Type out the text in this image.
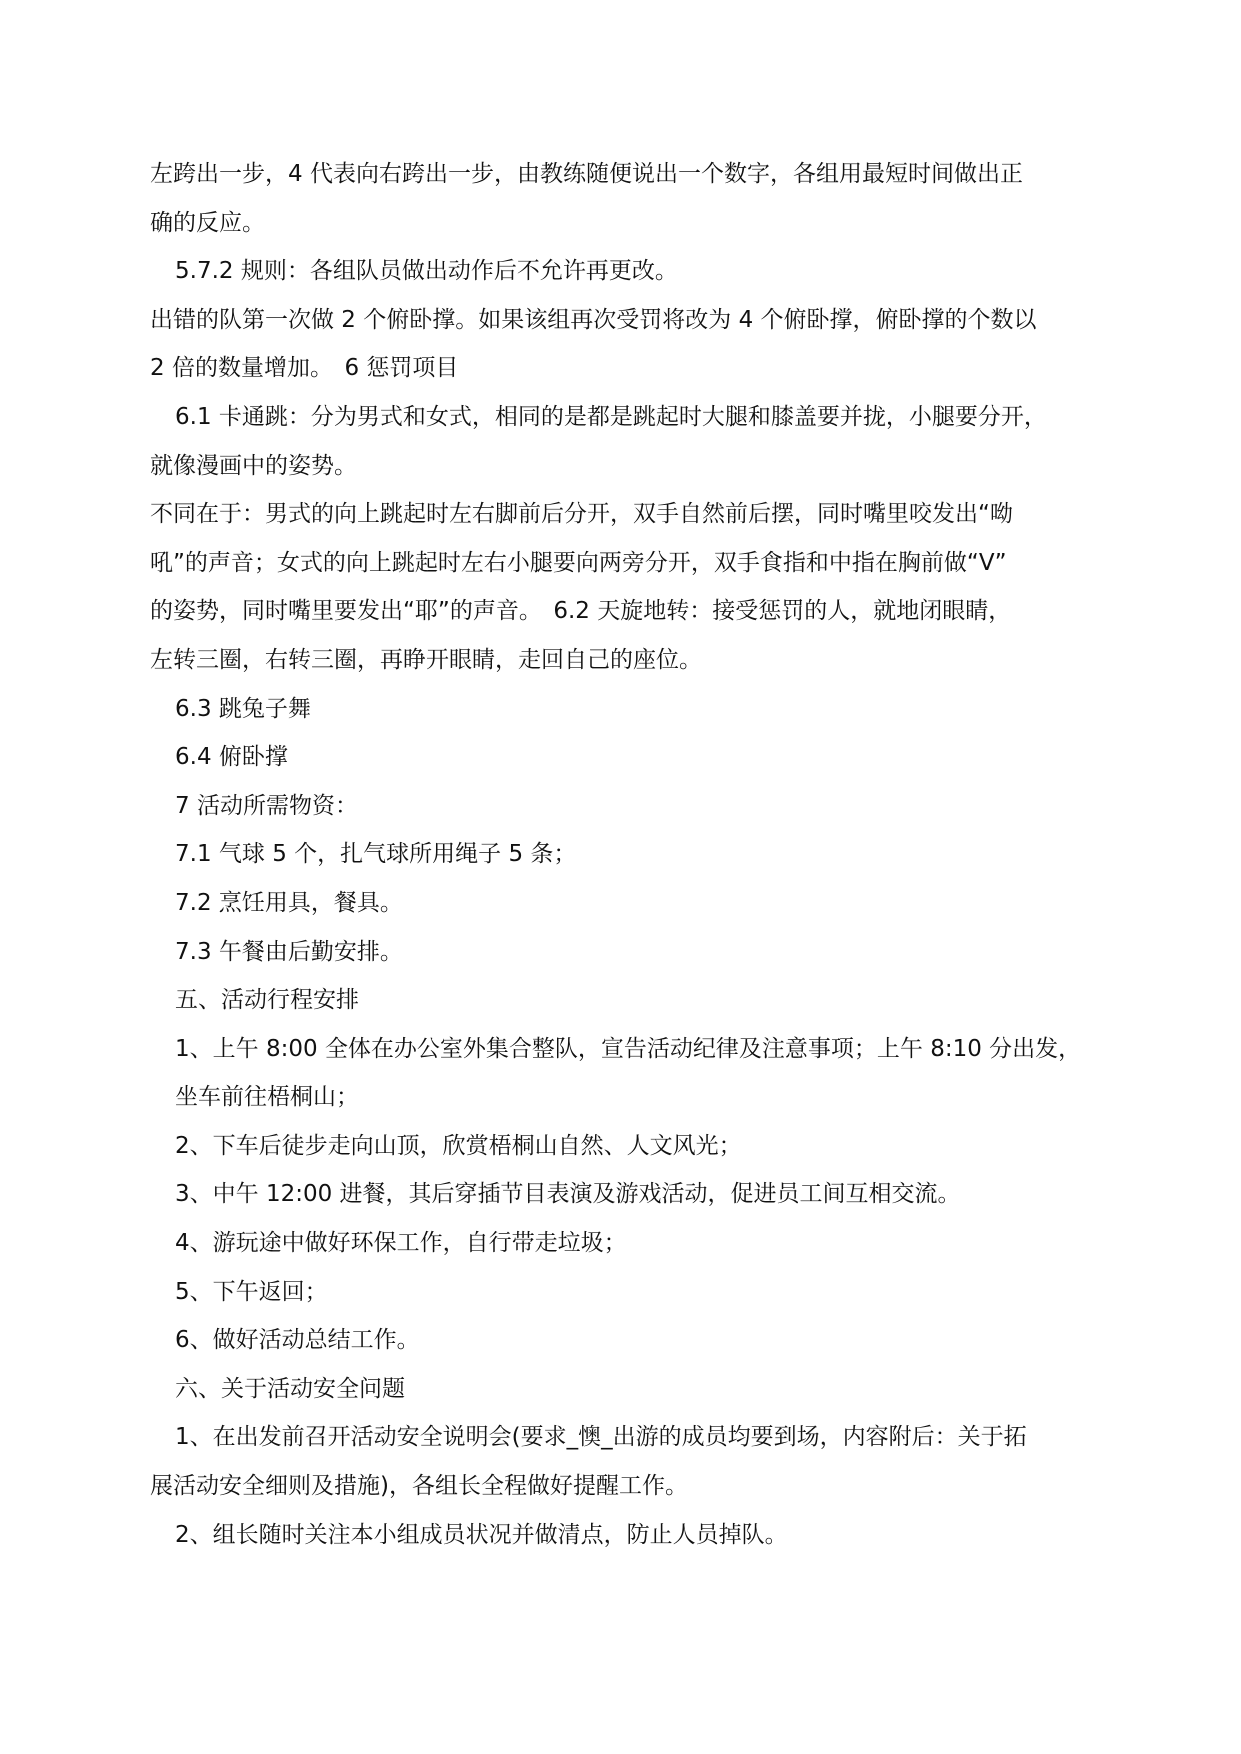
左跨出一步，4 代表向右跨出一步，由教练随便说出一个数字，各组用最短时间做出正
确的反应。
5.7.2 规则：各组队员做出动作后不允许再更改。
出错的队第一次做 2 个俯卧撑。如果该组再次受罚将改为 4 个俯卧撑，俯卧撑的个数以
2 倍的数量增加。　6 惩罚项目
6.1 卡通跳：分为男式和女式，相同的是都是跳起时大腿和膝盖要并拢，小腿要分开，
就像漫画中的姿势。
不同在于：男式的向上跳起时左右脚前后分开，双手自然前后摆，同时嘴里咬发出“呦
吼”的声音；女式的向上跳起时左右小腿要向两旁分开，双手食指和中指在胸前做“V”
的姿势，同时嘴里要发出“耶”的声音。　6.2 天旋地转：接受惩罚的人，就地闭眼睛，
左转三圈，右转三圈，再睁开眼睛，走回自己的座位。
6.3 跳兔子舞
6.4 俯卧撑
7 活动所需物资：
7.1 气球 5 个，扎气球所用绳子 5 条；
7.2 烹饪用具，餐具。
7.3 午餐由后勤安排。
五、活动行程安排
1、上午 8:00 全体在办公室外集合整队，宣告活动纪律及注意事项；上午 8:10 分出发，
坐车前往梧桐山；
2、下车后徒步走向山顶，欣赏梧桐山自然、人文风光；
3、中午 12:00 进餐，其后穿插节目表演及游戏活动，促进员工间互相交流。
4、游玩途中做好环保工作，自行带走垃圾；
5、下午返回；
6、做好活动总结工作。
六、关于活动安全问题
1、在出发前召开活动安全说明会(要求_懊_出游的成员均要到场，内容附后：关于拓
展活动安全细则及措施)，各组长全程做好提醒工作。
2、组长随时关注本小组成员状况并做清点，防止人员掉队。
